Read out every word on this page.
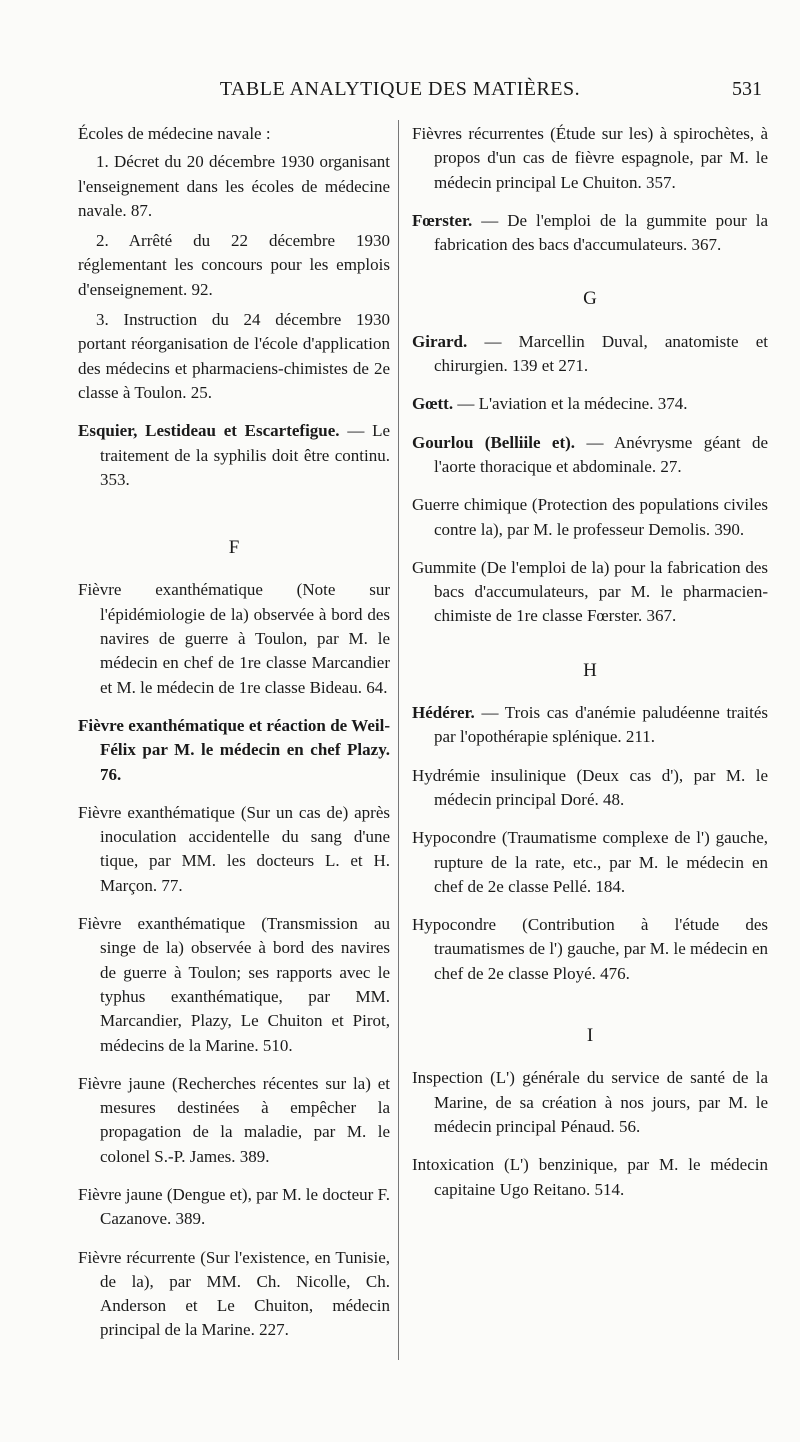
TABLE ANALYTIQUE DES MATIÈRES.	531

Écoles de médecine navale :

1. Décret du 20 décembre 1930 organisant l'enseignement dans les écoles de médecine navale. 87.

2. Arrêté du 22 décembre 1930 réglementant les concours pour les emplois d'enseignement. 92.

3. Instruction du 24 décembre 1930 portant réorganisation de l'école d'application des médecins et pharmaciens-chimistes de 2e classe à Toulon. 25.

Esquier, Lestideau et Escartefigue. — Le traitement de la syphilis doit être continu. 353.

F

Fièvre exanthématique (Note sur l'épidémiologie de la) observée à bord des navires de guerre à Toulon, par M. le médecin en chef de 1re classe Marcandier et M. le médecin de 1re classe Bideau. 64.

Fièvre exanthématique et réaction de Weil-Félix par M. le médecin en chef Plazy. 76.

Fièvre exanthématique (Sur un cas de) après inoculation accidentelle du sang d'une tique, par MM. les docteurs L. et H. Marçon. 77.

Fièvre exanthématique (Transmission au singe de la) observée à bord des navires de guerre à Toulon; ses rapports avec le typhus exanthématique, par MM. Marcandier, Plazy, Le Chuiton et Pirot, médecins de la Marine. 510.

Fièvre jaune (Recherches récentes sur la) et mesures destinées à empêcher la propagation de la maladie, par M. le colonel S.-P. James. 389.

Fièvre jaune (Dengue et), par M. le docteur F. Cazanove. 389.

Fièvre récurrente (Sur l'existence, en Tunisie, de la), par MM. Ch. Nicolle, Ch. Anderson et Le Chuiton, médecin principal de la Marine. 227.

Fièvres récurrentes (Étude sur les) à spirochètes, à propos d'un cas de fièvre espagnole, par M. le médecin principal Le Chuiton. 357.

Fœrster. — De l'emploi de la gummite pour la fabrication des bacs d'accumulateurs. 367.

G

Girard. — Marcellin Duval, anatomiste et chirurgien. 139 et 271.

Gœtt. — L'aviation et la médecine. 374.

Gourlou (Belliile et). — Anévrysme géant de l'aorte thoracique et abdominale. 27.

Guerre chimique (Protection des populations civiles contre la), par M. le professeur Demolis. 390.

Gummite (De l'emploi de la) pour la fabrication des bacs d'accumulateurs, par M. le pharmacien-chimiste de 1re classe Fœrster. 367.

H

Hédérer. — Trois cas d'anémie paludéenne traités par l'opothérapie splénique. 211.

Hydrémie insulinique (Deux cas d'), par M. le médecin principal Doré. 48.

Hypocondre (Traumatisme complexe de l') gauche, rupture de la rate, etc., par M. le médecin en chef de 2e classe Pellé. 184.

Hypocondre (Contribution à l'étude des traumatismes de l') gauche, par M. le médecin en chef de 2e classe Ployé. 476.

I

Inspection (L') générale du service de santé de la Marine, de sa création à nos jours, par M. le médecin principal Pénaud. 56.

Intoxication (L') benzinique, par M. le médecin capitaine Ugo Reitano. 514.
